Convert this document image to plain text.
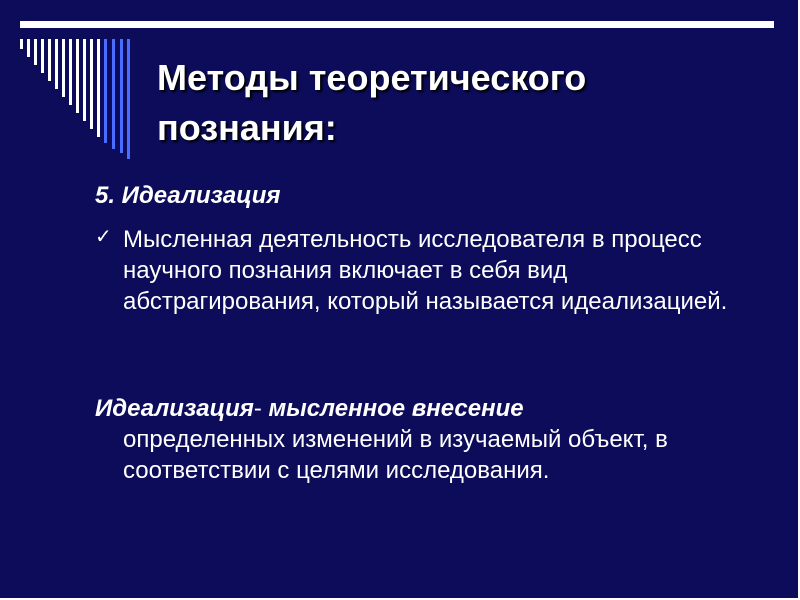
Методы теоретического познания:
5. Идеализация
✓ Мысленная деятельность исследователя в процесс научного познания включает в себя вид абстрагирования, который называется идеализацией.
Идеализация- мысленное внесение
определенных изменений в изучаемый объект, в соответствии с целями исследования.
